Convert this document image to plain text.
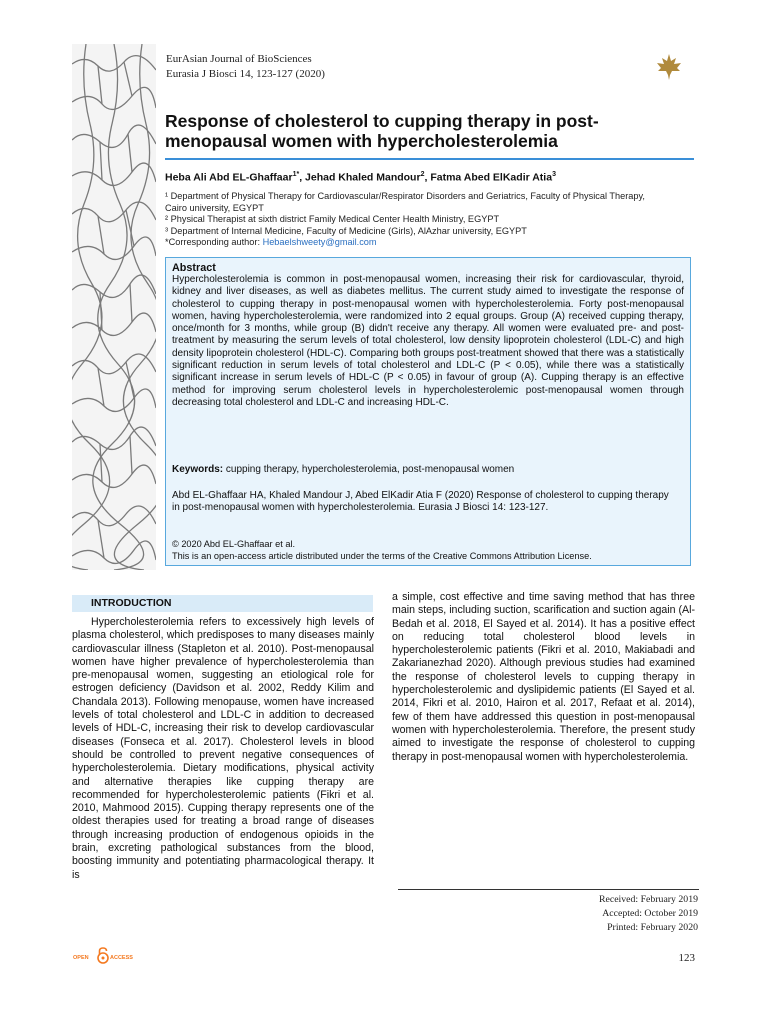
EurAsian Journal of BioSciences
Eurasia J Biosci 14, 123-127 (2020)
Response of cholesterol to cupping therapy in post-menopausal women with hypercholesterolemia
Heba Ali Abd EL-Ghaffaar$^{1*}$, Jehad Khaled Mandour$^2$, Fatma Abed ElKadir Atia$^3$
¹ Department of Physical Therapy for Cardiovascular/Respirator Disorders and Geriatrics, Faculty of Physical Therapy, Cairo university, EGYPT
² Physical Therapist at sixth district Family Medical Center Health Ministry, EGYPT
³ Department of Internal Medicine, Faculty of Medicine (Girls), AlAzhar university, EGYPT
*Corresponding author: Hebaelshweety@gmail.com

Abstract

Hypercholesterolemia is common in post-menopausal women, increasing their risk for cardiovascular, thyroid, kidney and liver diseases, as well as diabetes mellitus. The current study aimed to investigate the response of cholesterol to cupping therapy in post-menopausal women with hypercholesterolemia. Forty post-menopausal women, having hypercholesterolemia, were randomized into 2 equal groups. Group (A) received cupping therapy, once/month for 3 months, while group (B) didn't receive any therapy. All women were evaluated pre- and post-treatment by measuring the serum levels of total cholesterol, low density lipoprotein cholesterol (LDL-C) and high density lipoprotein cholesterol (HDL-C). Comparing both groups post-treatment showed that there was a statistically significant reduction in serum levels of total cholesterol and LDL-C (P < 0.05), while there was a statistically significant increase in serum levels of HDL-C (P < 0.05) in favour of group (A). Cupping therapy is an effective method for improving serum cholesterol levels in hypercholesterolemic post-menopausal women through decreasing total cholesterol and LDL-C and increasing HDL-C.

Keywords: cupping therapy, hypercholesterolemia, post-menopausal women

Abd EL-Ghaffaar HA, Khaled Mandour J, Abed ElKadir Atia F (2020) Response of cholesterol to cupping therapy in post-menopausal women with hypercholesterolemia. Eurasia J Biosci 14: 123-127.

© 2020 Abd EL-Ghaffaar et al.
This is an open-access article distributed under the terms of the Creative Commons Attribution License.
INTRODUCTION

Hypercholesterolemia refers to excessively high levels of plasma cholesterol, which predisposes to many diseases mainly cardiovascular illness (Stapleton et al. 2010). Post-menopausal women have higher prevalence of hypercholesterolemia than pre-menopausal women, suggesting an etiological role for estrogen deficiency (Davidson et al. 2002, Reddy Kilim and Chandala 2013). Following menopause, women have increased levels of total cholesterol and LDL-C in addition to decreased levels of HDL-C, increasing their risk to develop cardiovascular diseases (Fonseca et al. 2017). Cholesterol levels in blood should be controlled to prevent negative consequences of hypercholesterolemia. Dietary modifications, physical activity and alternative therapies like cupping therapy are recommended for hypercholesterolemic patients (Fikri et al. 2010, Mahmood 2015). Cupping therapy represents one of the oldest therapies used for treating a broad range of diseases through increasing production of endogenous opioids in the brain, excreting pathological substances from the blood, boosting immunity and potentiating pharmacological therapy. It is

a simple, cost effective and time saving method that has three main steps, including suction, scarification and suction again (Al-Bedah et al. 2018, El Sayed et al. 2014). It has a positive effect on reducing total cholesterol blood levels in hypercholesterolemic patients (Fikri et al. 2010, Makiabadi and Zakarianezhad 2020). Although previous studies had examined the response of cholesterol levels to cupping therapy in hypercholesterolemic and dyslipidemic patients (El Sayed et al. 2014, Fikri et al. 2010, Hairon et al. 2017, Refaat et al. 2014), few of them have addressed this question in post-menopausal women with hypercholesterolemia. Therefore, the present study aimed to investigate the response of cholesterol to cupping therapy in post-menopausal women with hypercholesterolemia.

Received: February 2019
Accepted: October 2019
Printed: February 2020
OPEN	ACCESS	123
